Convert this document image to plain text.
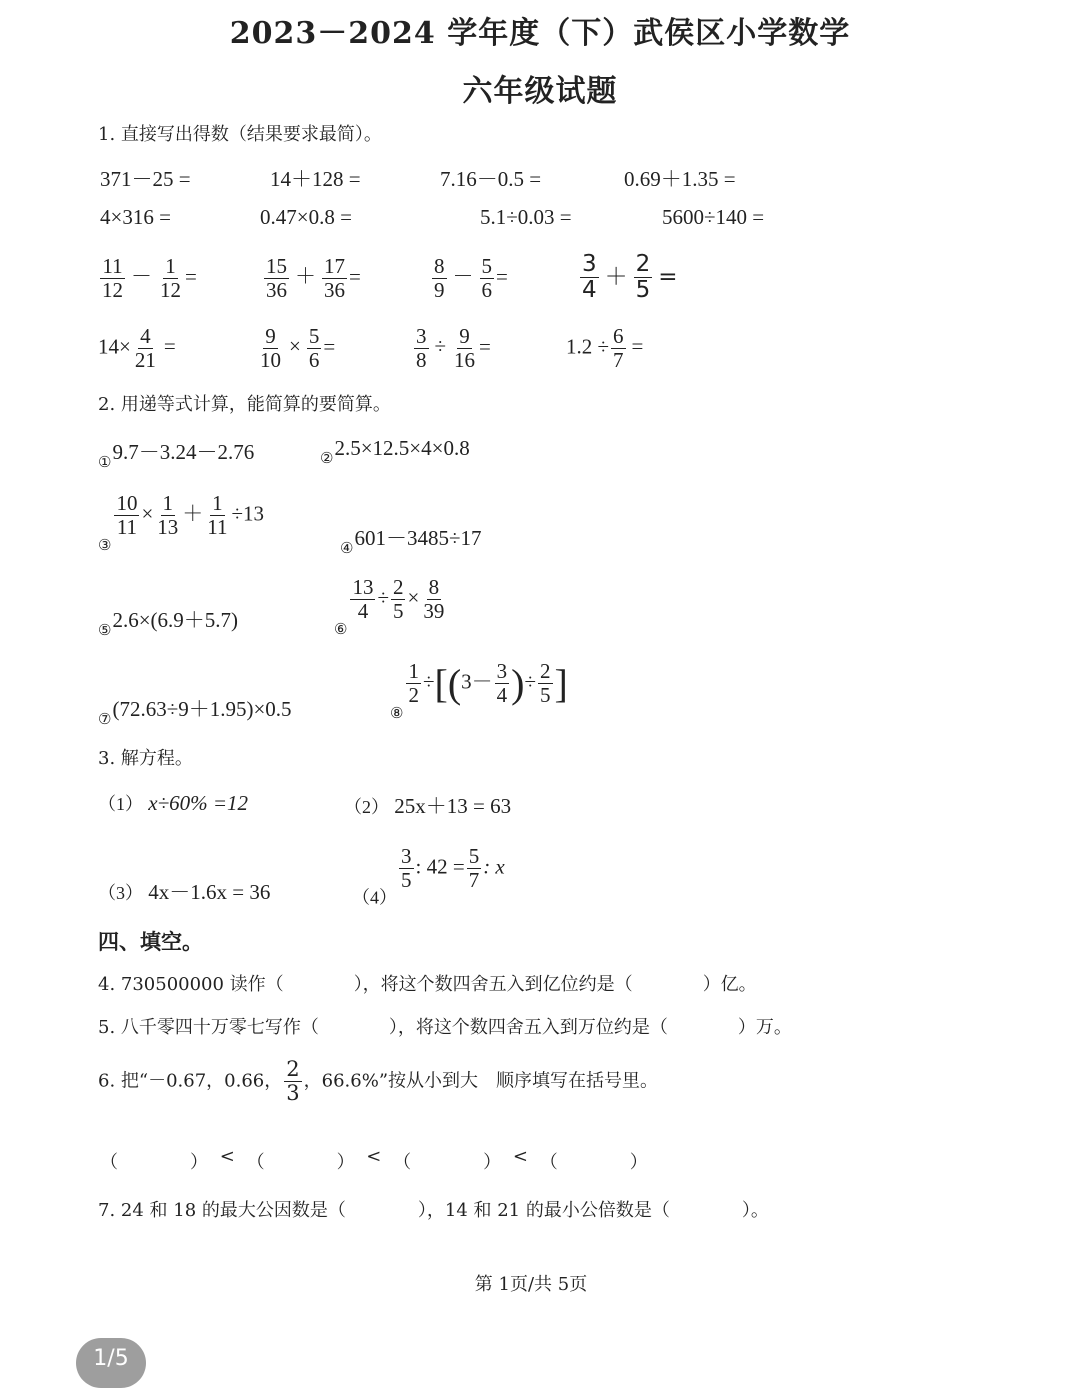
2023－2024 学年度（下）武侯区小学数学
六年级试题
1. 直接写出得数（结果要求最简）。
371－25 =	14＋128 =	7.16－0.5 =	0.69＋1.35 =
4×316 =	0.47×0.8 =	5.1÷0.03 =	5600÷140 =
$\frac{11}{12} - \frac{1}{12}$ =	$\frac{15}{36} + \frac{17}{36}$ =	$\frac{8}{9} - \frac{5}{6}$ =	$\frac{3}{4} + \frac{2}{5}$ =
$14\times \frac{4}{21}$ =	$\frac{9}{10} \times \frac{5}{6}$ =	$\frac{3}{8} \div \frac{9}{16}$ =	$1.2 \div \frac{6}{7}$ =
2. 用递等式计算，能简算的要简算。
$_①$9.7－3.24－2.76	$_②$2.5×12.5×4×0.8
$_③$
$\frac{10}{11} \times \frac{1}{13} + \frac{1}{11} \div 13$
$_④$601－3485÷17
$_⑤$2.6×(6.9＋5.7)	$_⑥$
$\frac{13}{4} \div \frac{2}{5} \times \frac{8}{39}$
$_⑦$(72.63÷9＋1.95)×0.5	$_⑧$
$\frac{1}{2} \div[(3- \frac{3}{4}$ )÷ $\frac{2}{5}$ ]
3. 解方程。
（1） x÷60% =12	（2） 25x＋13 = 63
（3） 4x－1.6x = 36	（4）
$\frac{3}{5}$ : $42 = \frac{5}{7}$ : x
四、填空。
4. 730500000 读作（	），将这个数四舍五入到亿位约是（	）亿。
5. 八千零四十万零七写作（	），将这个数四舍五入到万位约是（	）万。
6. 把“－0.67，0.66， $\frac{2}{3}$ ，66.6%”按从小到大　顺序填写在括号里。
（	） < （	） < （	） < （	）
7. 24 和 18 的最大公因数是（	），14 和 21 的最小公倍数是（	）。
第 1页/共 5页
1/5
